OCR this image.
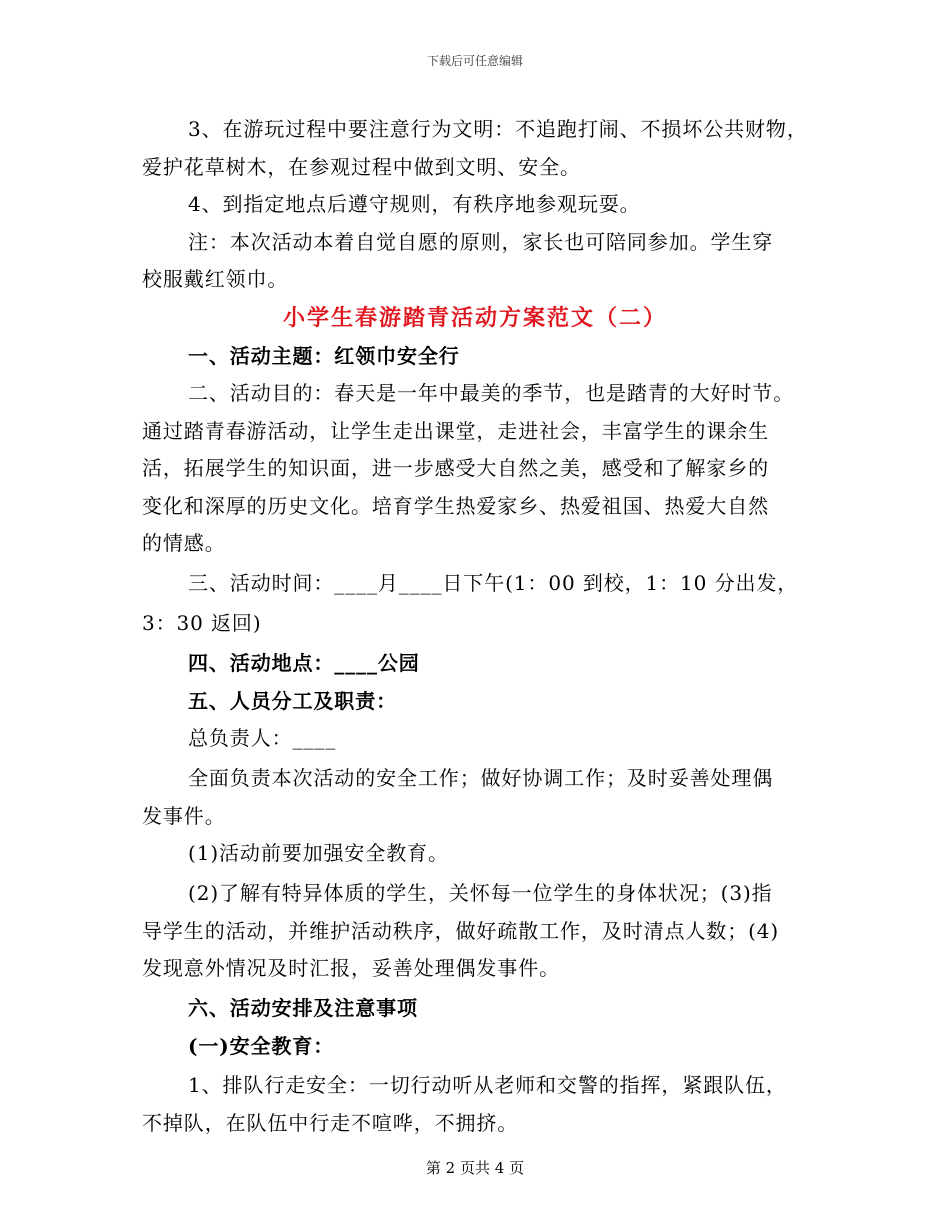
下载后可任意编辑
3、在游玩过程中要注意行为文明：不追跑打闹、不损坏公共财物，
爱护花草树木，在参观过程中做到文明、安全。
4、到指定地点后遵守规则，有秩序地参观玩耍。
注：本次活动本着自觉自愿的原则，家长也可陪同参加。学生穿
校服戴红领巾。
小学生春游踏青活动方案范文（二）
一、活动主题：红领巾安全行
二、活动目的：春天是一年中最美的季节，也是踏青的大好时节。
通过踏青春游活动，让学生走出课堂，走进社会，丰富学生的课余生
活，拓展学生的知识面，进一步感受大自然之美，感受和了解家乡的
变化和深厚的历史文化。培育学生热爱家乡、热爱祖国、热爱大自然
的情感。
三、活动时间：____月____日下午(1：00 到校，1：10 分出发，
3：30 返回)
四、活动地点：____公园
五、人员分工及职责：
总负责人：____
全面负责本次活动的安全工作；做好协调工作；及时妥善处理偶
发事件。
(1)活动前要加强安全教育。
(2)了解有特异体质的学生，关怀每一位学生的身体状况；(3)指
导学生的活动，并维护活动秩序，做好疏散工作，及时清点人数；(4)
发现意外情况及时汇报，妥善处理偶发事件。
六、活动安排及注意事项
(一)安全教育：
1、排队行走安全：一切行动听从老师和交警的指挥，紧跟队伍，
不掉队，在队伍中行走不喧哗，不拥挤。
第 2 页共 4 页
